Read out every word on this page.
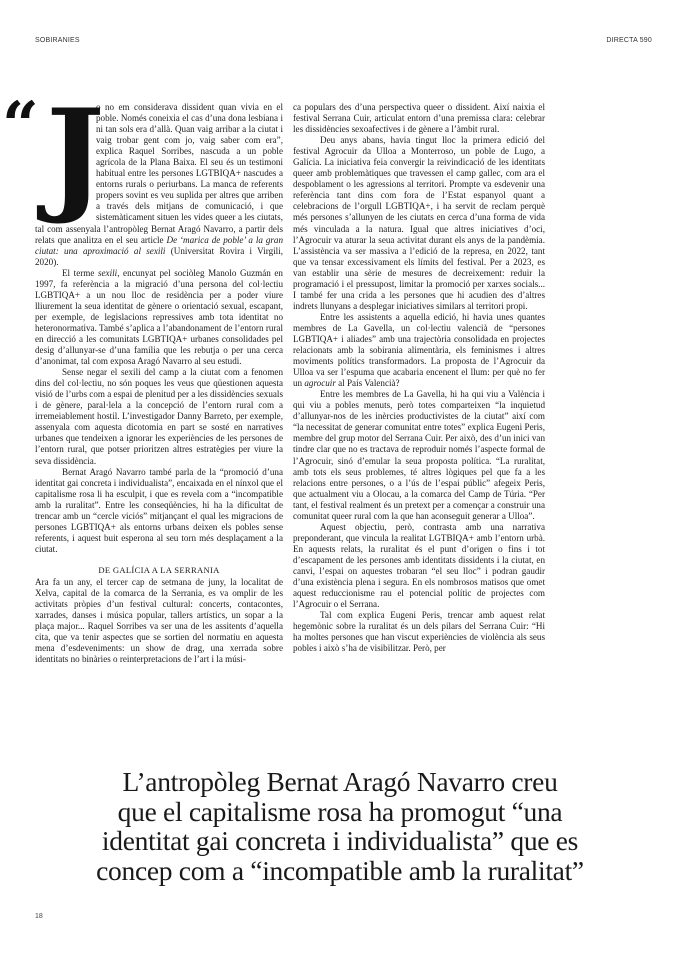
SOBIRANIES	DIRECTA 590
“ J

o no em considerava dissident quan vivia en el poble. Només coneixia el cas d’una dona lesbiana i ni tan sols era d’allà. Quan vaig arribar a la ciutat i vaig trobar gent com jo, vaig saber com era”, explica Raquel Sorribes, nascuda a un poble agrícola de la Plana Baixa. El seu és un testimoni habitual entre les persones LGTBIQA+ nascudes a entorns rurals o periurbans. La manca de referents propers sovint es veu suplida per altres que arriben a través dels mitjans de comunicació, i que sistemàticament situen les vides queer a les ciutats, tal com assenyala l’antropòleg Bernat Aragó Navarro, a partir dels relats que analitza en el seu article De ‘marica de poble’ a la gran ciutat: una aproximació al sexili (Universitat Rovira i Virgili, 2020).

El terme sexili, encunyat pel sociòleg Manolo Guzmán en 1997, fa referència a la migració d’una persona del col·lectiu LGBTIQA+ a un nou lloc de residència per a poder viure lliurement la seua identitat de gènere o orientació sexual, escapant, per exemple, de legislacions repressives amb tota identitat no heteronormativa. També s’aplica a l’abandonament de l’entorn rural en direcció a les comunitats LGBTIQA+ urbanes consolidades pel desig d’allunyar-se d’una família que les rebutja o per una cerca d’anonimat, tal com exposa Aragó Navarro al seu estudi.

Sense negar el sexili del camp a la ciutat com a fenomen dins del col·lectiu, no són poques les veus que qüestionen aquesta visió de l’urbs com a espai de plenitud per a les dissidències sexuals i de gènere, paral·lela a la concepció de l’entorn rural com a irremeiablement hostil. L’investigador Danny Barreto, per exemple, assenyala com aquesta dicotomia en part se sosté en narratives urbanes que tendeixen a ignorar les experiències de les persones de l’entorn rural, que potser prioritzen altres estratègies per viure la seva dissidència.

Bernat Aragó Navarro també parla de la “promoció d’una identitat gai concreta i individualista”, encaixada en el nínxol que el capitalisme rosa li ha esculpit, i que es revela com a “incompatible amb la ruralitat”. Entre les conseqüències, hi ha la dificultat de trencar amb un “cercle viciós” mitjançant el qual les migracions de persones LGBTIQA+ als entorns urbans deixen els pobles sense referents, i aquest buit esperona al seu torn més desplaçament a la ciutat.

DE GALÍCIA A LA SERRANIA

Ara fa un any, el tercer cap de setmana de juny, la localitat de Xelva, capital de la comarca de la Serrania, es va omplir de les activitats pròpies d’un festival cultural: concerts, contacontes, xarrades, danses i música popular, tallers artístics, un sopar a la plaça major... Raquel Sorribes va ser una de les assitents d’aquella cita, que va tenir aspectes que se sortien del normatiu en aquesta mena d’esdeveniments: un show de drag, una xerrada sobre identitats no binàries o reinterpretacions de l’art i la músi-

ca populars des d’una perspectiva queer o dissident. Així naixia el festival Serrana Cuir, articulat entorn d’una premissa clara: celebrar les dissidències sexoafectives i de gènere a l’àmbit rural.

Deu anys abans, havia tingut lloc la primera edició del festival Agrocuir da Ulloa a Monterroso, un poble de Lugo, a Galícia. La iniciativa feia convergir la reivindicació de les identitats queer amb problemàtiques que travessen el camp gallec, com ara el despoblament o les agressions al territori. Prompte va esdevenir una referència tant dins com fora de l’Estat espanyol quant a celebracions de l’orgull LGBTIQA+, i ha servit de reclam perquè més persones s’allunyen de les ciutats en cerca d’una forma de vida més vinculada a la natura. Igual que altres iniciatives d’oci, l’Agrocuir va aturar la seua activitat durant els anys de la pandèmia. L’assistència va ser massiva a l’edició de la represa, en 2022, tant que va tensar excessivament els límits del festival. Per a 2023, es van establir una sèrie de mesures de decreixement: reduir la programació i el pressupost, limitar la promoció per xarxes socials... I també fer una crida a les persones que hi acudien des d’altres indrets llunyans a desplegar iniciatives similars al territori propi.

Entre les assistents a aquella edició, hi havia unes quantes membres de La Gavella, un col·lectiu valencià de “persones LGBTIQA+ i aliades” amb una trajectòria consolidada en projectes relacionats amb la sobirania alimentària, els feminismes i altres moviments polítics transformadors. La proposta de l’Agrocuir da Ulloa va ser l’espuma que acabaria encenent el llum: per què no fer un agrocuir al País Valencià?

Entre les membres de La Gavella, hi ha qui viu a València i qui viu a pobles menuts, però totes comparteixen “la inquietud d’allunyar-nos de les inèrcies productivistes de la ciutat” així com “la necessitat de generar comunitat entre totes” explica Eugeni Peris, membre del grup motor del Serrana Cuir. Per això, des d’un inici van tindre clar que no es tractava de reproduir només l’aspecte formal de l’Agrocuir, sinó d’emular la seua proposta política. “La ruralitat, amb tots els seus problemes, té altres lògiques pel que fa a les relacions entre persones, o a l’ús de l’espai públic” afegeix Peris, que actualment viu a Olocau, a la comarca del Camp de Túria. “Per tant, el festival realment és un pretext per a començar a construir una comunitat queer rural com la que han aconseguit generar a Ulloa”.

Aquest objectiu, però, contrasta amb una narrativa preponderant, que vincula la realitat LGTBIQA+ amb l’entorn urbà. En aquests relats, la ruralitat és el punt d’origen o fins i tot d’escapament de les persones amb identitats dissidents i la ciutat, en canvi, l’espai on aquestes trobaran “el seu lloc” i podran gaudir d’una existència plena i segura. En els nombrosos matisos que omet aquest reduccionisme rau el potencial polític de projectes com l’Agrocuir o el Serrana.

Tal com explica Eugeni Peris, trencar amb aquest relat hegemònic sobre la ruralitat és un dels pilars del Serrana Cuir: “Hi ha moltes persones que han viscut experiències de violència als seus pobles i això s’ha de visibilitzar. Però, per

L’antropòleg Bernat Aragó Navarro creu
que el capitalisme rosa ha promogut “una
identitat gai concreta i individualista” que es
concep com a “incompatible amb la ruralitat”
18
